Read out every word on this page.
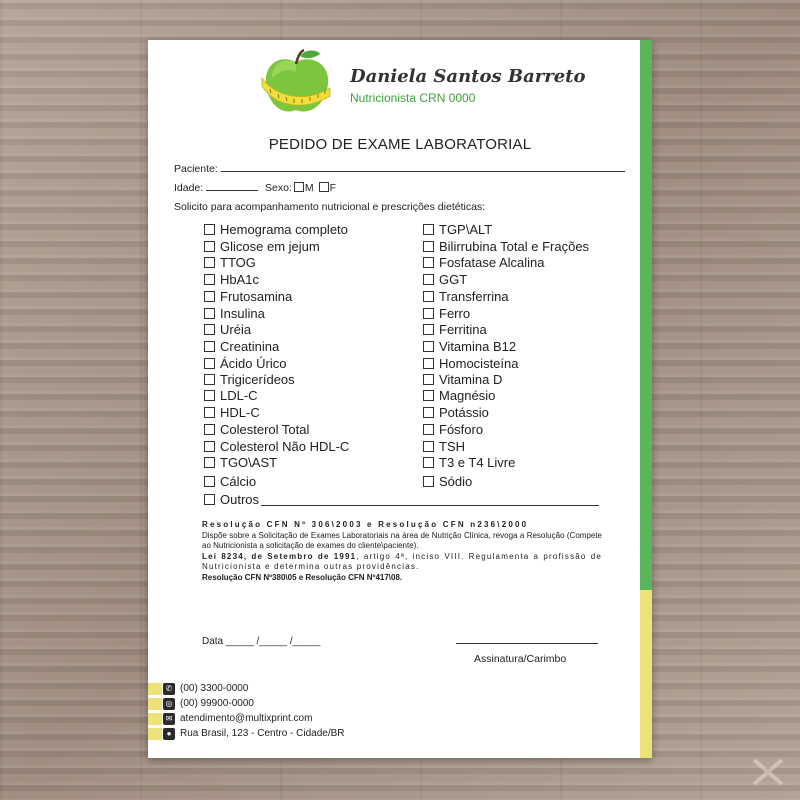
Daniela Santos Barreto
Nutricionista CRN 0000
PEDIDO DE EXAME LABORATORIAL
Paciente:
Idade:	Sexo: M F
Solicito para acompanhamento nutricional e prescrições dietéticas:
Hemograma completo
Glicose em jejum
TTOG
HbA1c
Frutosamina
Insulina
Uréia
Creatinina
Ácido Úrico
Trigicerídeos
LDL-C
HDL-C
Colesterol Total
Colesterol Não HDL-C
TGO\AST
Cálcio
Outros
TGP\ALT
Bilirrubina Total e Frações
Fosfatase Alcalina
GGT
Transferrina
Ferro
Ferritina
Vitamina B12
Homocisteína
Vitamina D
Magnésio
Potássio
Fósforo
TSH
T3 e T4 Livre
Sódio
Resolução CFN Nº 306\2003 e Resolução CFN n236\2000
Dispõe sobre a Solicitação de Exames Laboratoriais na área de Nutrição Clínica, revoga a Resolução (Compete ao Nutricionista a solicitação de exames do cliente\paciente).
Lei 8234, de Setembro de 1991, artigo 4ª, inciso VIII. Regulamenta a profissão de Nutricionista e determina outras providências.
Resolução CFN Nº380\05 e Resolução CFN Nº417\08.
Data _____ /_____ /_____
Assinatura/Carimbo
✆ (00) 3300-0000
◎ (00) 99900-0000
✉ atendimento@multixprint.com
● Rua Brasil, 123 - Centro - Cidade/BR
